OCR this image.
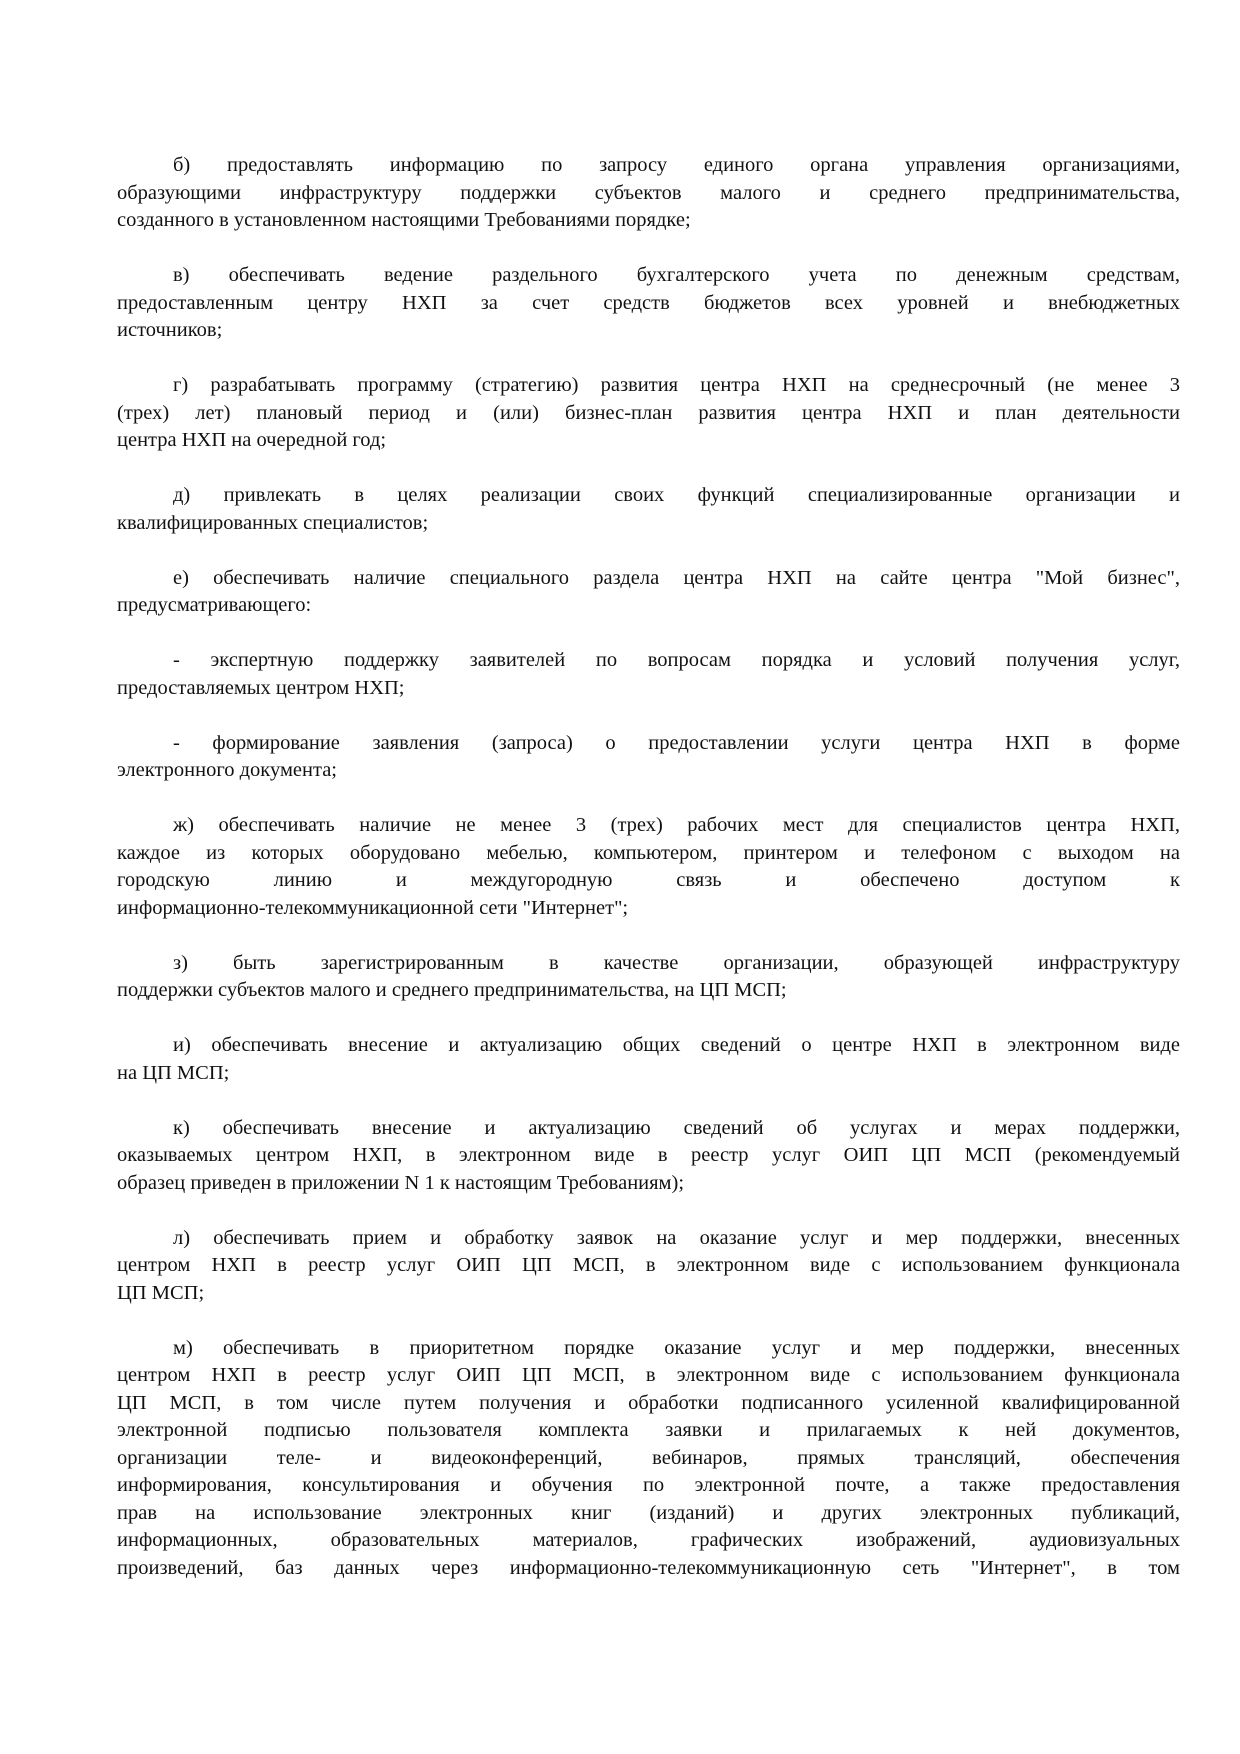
б) предоставлять информацию по запросу единого органа управления организациями,
образующими инфраструктуру поддержки субъектов малого и среднего предпринимательства,
созданного в установленном настоящими Требованиями порядке;
в) обеспечивать ведение раздельного бухгалтерского учета по денежным средствам,
предоставленным центру НХП за счет средств бюджетов всех уровней и внебюджетных
источников;
г) разрабатывать программу (стратегию) развития центра НХП на среднесрочный (не менее 3
(трех) лет) плановый период и (или) бизнес-план развития центра НХП и план деятельности
центра НХП на очередной год;
д) привлекать в целях реализации своих функций специализированные организации и
квалифицированных специалистов;
е) обеспечивать наличие специального раздела центра НХП на сайте центра "Мой бизнес",
предусматривающего:
- экспертную поддержку заявителей по вопросам порядка и условий получения услуг,
предоставляемых центром НХП;
- формирование заявления (запроса) о предоставлении услуги центра НХП в форме
электронного документа;
ж) обеспечивать наличие не менее 3 (трех) рабочих мест для специалистов центра НХП,
каждое из которых оборудовано мебелью, компьютером, принтером и телефоном с выходом на
городскую линию и междугородную связь и обеспечено доступом к
информационно-телекоммуникационной сети "Интернет";
з) быть зарегистрированным в качестве организации, образующей инфраструктуру
поддержки субъектов малого и среднего предпринимательства, на ЦП МСП;
и) обеспечивать внесение и актуализацию общих сведений о центре НХП в электронном виде
на ЦП МСП;
к) обеспечивать внесение и актуализацию сведений об услугах и мерах поддержки,
оказываемых центром НХП, в электронном виде в реестр услуг ОИП ЦП МСП (рекомендуемый
образец приведен в приложении N 1 к настоящим Требованиям);
л) обеспечивать прием и обработку заявок на оказание услуг и мер поддержки, внесенных
центром НХП в реестр услуг ОИП ЦП МСП, в электронном виде с использованием функционала
ЦП МСП;
м) обеспечивать в приоритетном порядке оказание услуг и мер поддержки, внесенных
центром НХП в реестр услуг ОИП ЦП МСП, в электронном виде с использованием функционала
ЦП МСП, в том числе путем получения и обработки подписанного усиленной квалифицированной
электронной подписью пользователя комплекта заявки и прилагаемых к ней документов,
организации теле- и видеоконференций, вебинаров, прямых трансляций, обеспечения
информирования, консультирования и обучения по электронной почте, а также предоставления
прав на использование электронных книг (изданий) и других электронных публикаций,
информационных, образовательных материалов, графических изображений, аудиовизуальных
произведений, баз данных через информационно-телекоммуникационную сеть "Интернет", в том
